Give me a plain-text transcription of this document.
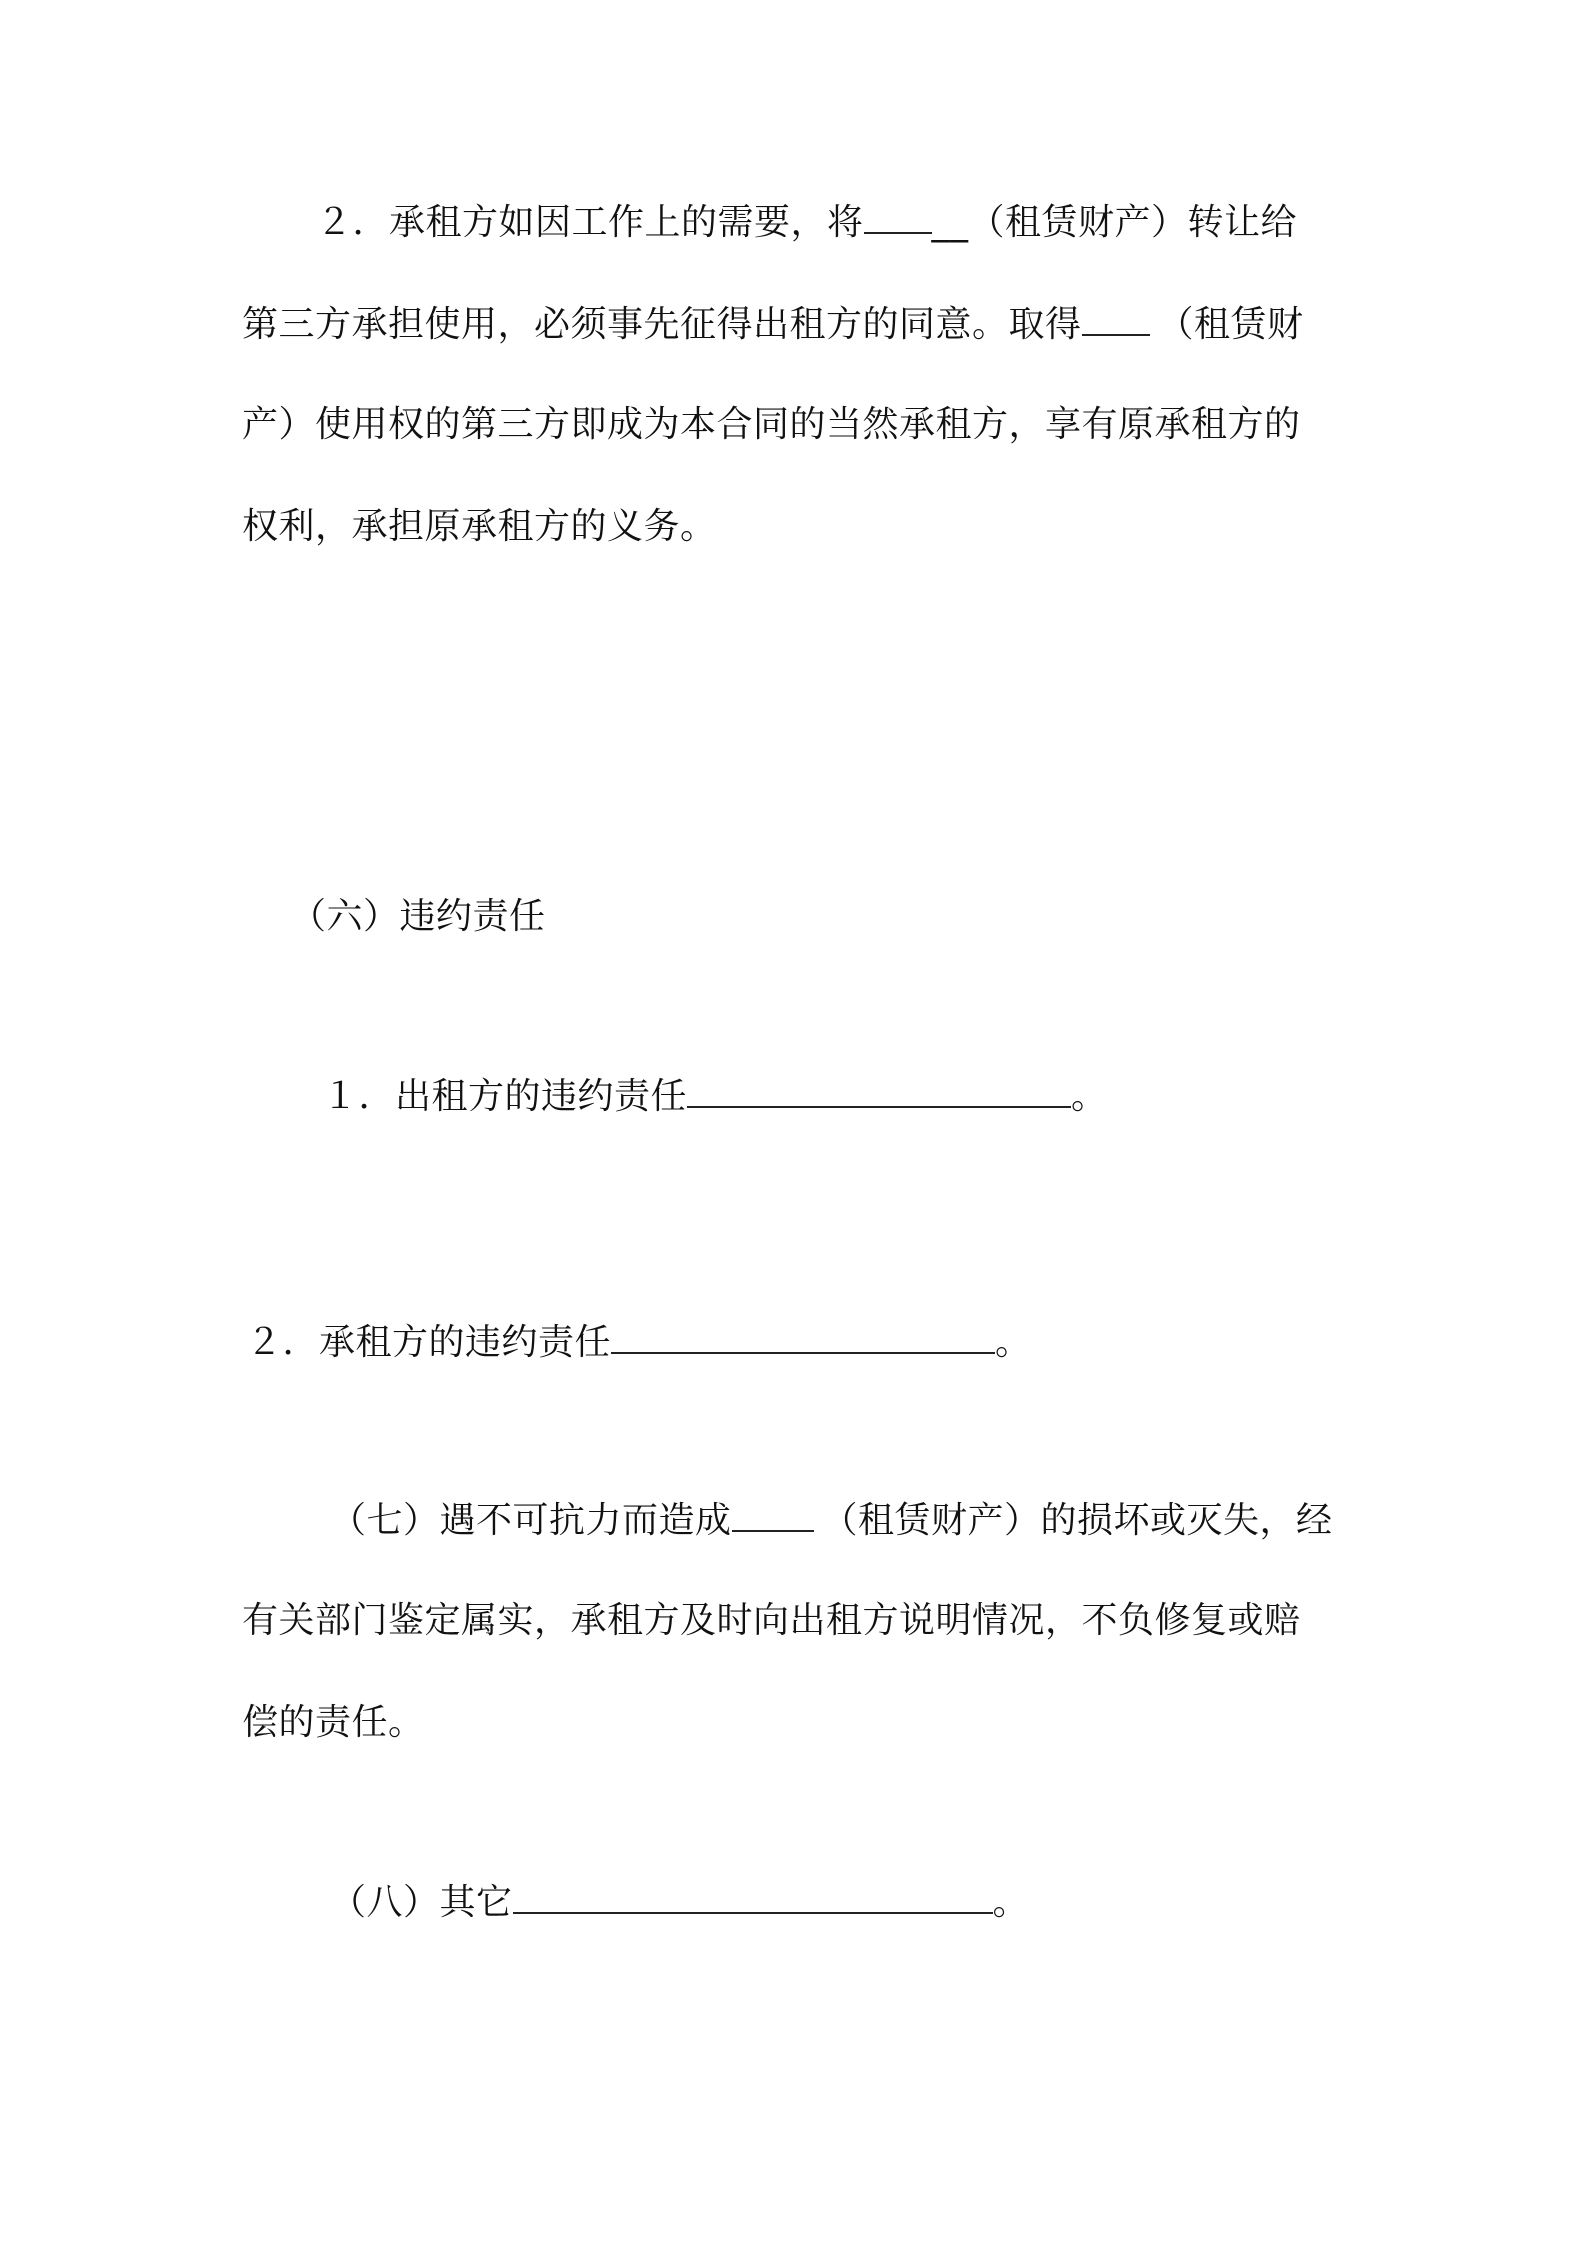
２．承租方如因工作上的需要，将 __（租赁财产）转让给
第三方承担使用，必须事先征得出租方的同意。取得 （租赁财
产）使用权的第三方即成为本合同的当然承租方，享有原承租方的
权利，承担原承租方的义务。
（六）违约责任
１．出租方的违约责任	。
２．承租方的违约责任	。
（七）遇不可抗力而造成	（租赁财产）的损坏或灭失，经
有关部门鉴定属实，承租方及时向出租方说明情况，不负修复或赔
偿的责任。
（八）其它	。
